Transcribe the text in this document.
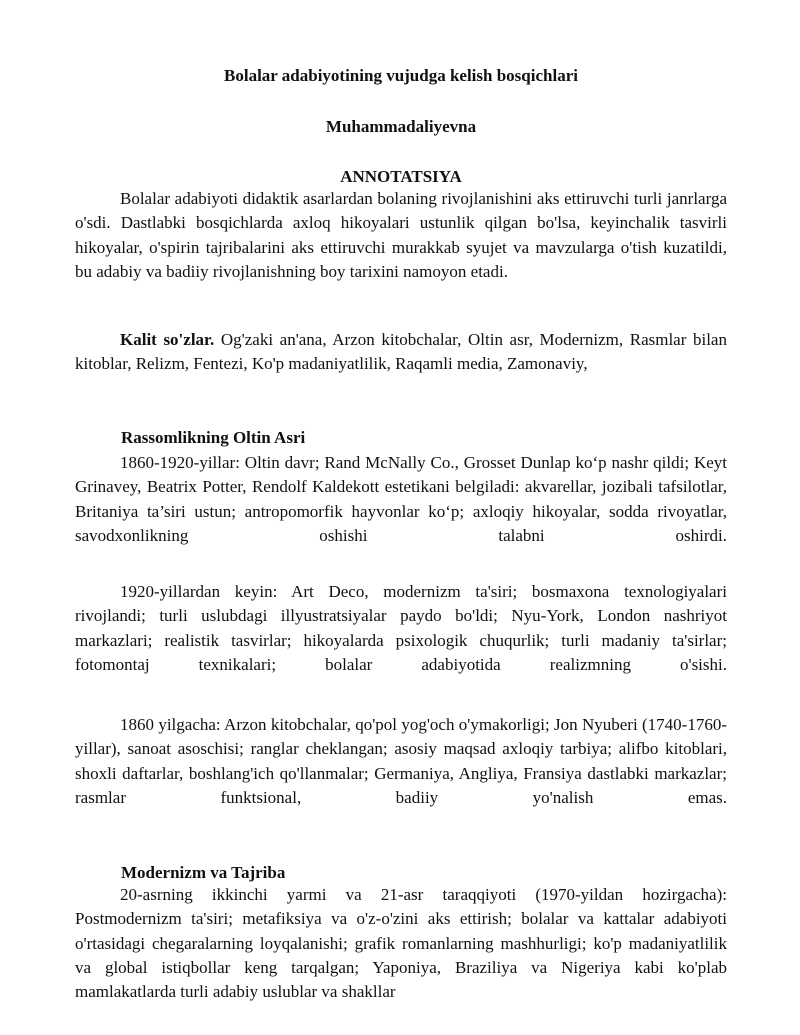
Bolalar adabiyotining vujudga kelish bosqichlari
Muhammadaliyevna
ANNOTATSIYA

Bolalar adabiyoti didaktik asarlardan bolaning rivojlanishini aks ettiruvchi turli janrlarga o'sdi. Dastlabki bosqichlarda axloq hikoyalari ustunlik qilgan bo'lsa, keyinchalik tasvirli hikoyalar, o'spirin tajribalarini aks ettiruvchi murakkab syujet va mavzularga o'tish kuzatildi, bu adabiy va badiiy rivojlanishning boy tarixini namoyon etadi.

Kalit so'zlar. Og'zaki an'ana, Arzon kitobchalar, Oltin asr, Modernizm, Rasmlar bilan kitoblar, Relizm, Fentezi, Ko'p madaniyatlilik, Raqamli media, Zamonaviy,

Rassomlikning Oltin Asri

1860-1920-yillar: Oltin davr; Rand McNally Co., Grosset Dunlap ko‘p nashr qildi; Keyt Grinavey, Beatrix Potter, Rendolf Kaldekott estetikani belgiladi: akvarellar, jozibali tafsilotlar, Britaniya ta’siri ustun; antropomorfik hayvonlar ko‘p; axloqiy hikoyalar, sodda rivoyatlar, savodxonlikning oshishi talabni oshirdi.

1920-yillardan keyin: Art Deco, modernizm ta'siri; bosmaxona texnologiyalari rivojlandi; turli uslubdagi illyustratsiyalar paydo bo'ldi; Nyu-York, London nashriyot markazlari; realistik tasvirlar; hikoyalarda psixologik chuqurlik; turli madaniy ta'sirlar; fotomontaj texnikalari; bolalar adabiyotida realizmning o'sishi.

1860 yilgacha: Arzon kitobchalar, qo'pol yog'och o'ymakorligi; Jon Nyuberi (1740-1760-yillar), sanoat asoschisi; ranglar cheklangan; asosiy maqsad axloqiy tarbiya; alifbo kitoblari, shoxli daftarlar, boshlang'ich qo'llanmalar; Germaniya, Angliya, Fransiya dastlabki markazlar; rasmlar funktsional, badiiy yo'nalish emas.

Modernizm va Tajriba

20-asrning ikkinchi yarmi va 21-asr taraqqiyoti (1970-yildan hozirgacha): Postmodernizm ta'siri; metafiksiya va o'z-o'zini aks ettirish; bolalar va kattalar adabiyoti o'rtasidagi chegaralarning loyqalanishi; grafik romanlarning mashhurligi; ko'p madaniyatlilik va global istiqbollar keng tarqalgan; Yaponiya, Braziliya va Nigeriya kabi ko'plab mamlakatlarda turli adabiy uslublar va shakllar
